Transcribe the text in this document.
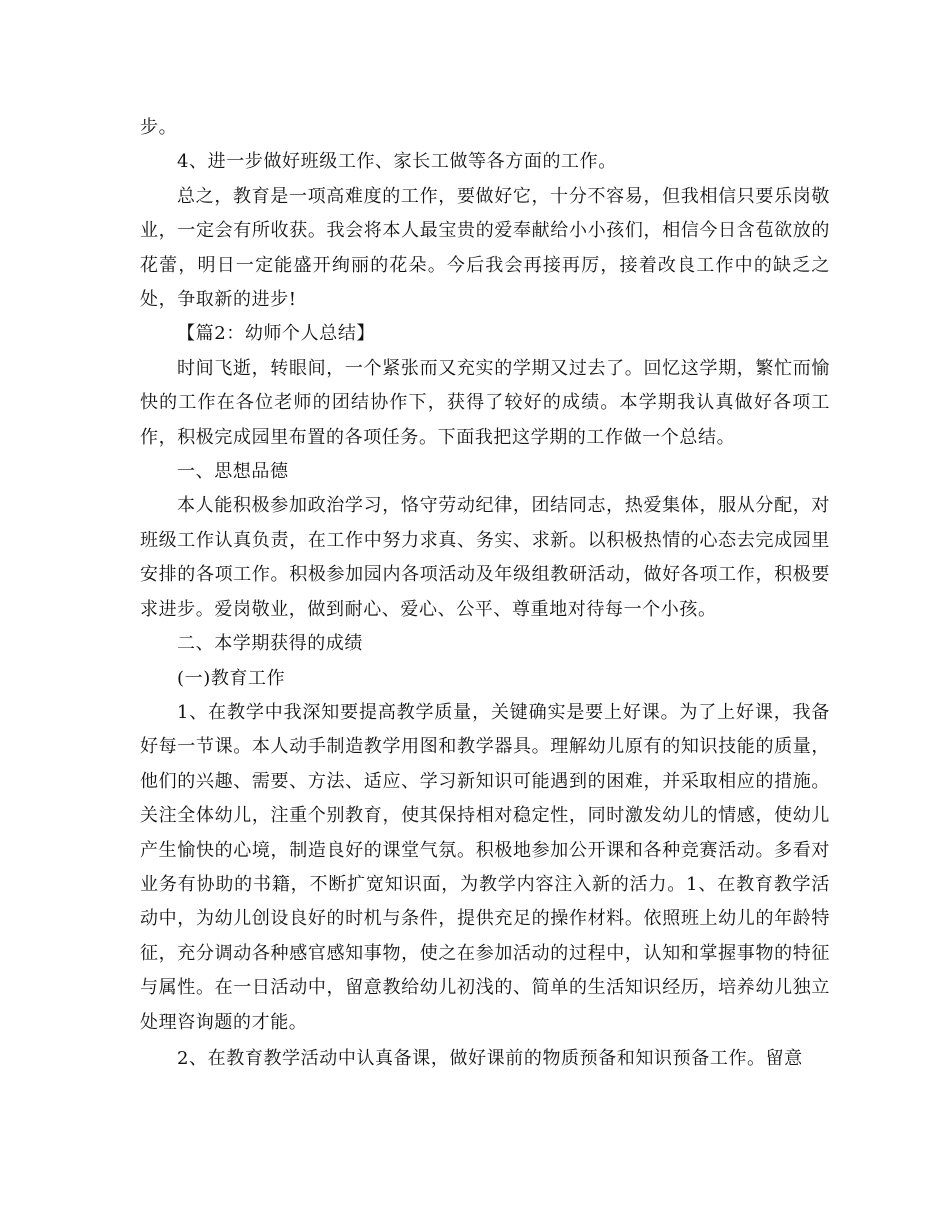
步。

4、进一步做好班级工作、家长工做等各方面的工作。

总之，教育是一项高难度的工作，要做好它，十分不容易，但我相信只要乐岗敬业，一定会有所收获。我会将本人最宝贵的爱奉献给小小孩们，相信今日含苞欲放的花蕾，明日一定能盛开绚丽的花朵。今后我会再接再厉，接着改良工作中的缺乏之处，争取新的进步!

【篇2：幼师个人总结】

时间飞逝，转眼间，一个紧张而又充实的学期又过去了。回忆这学期，繁忙而愉快的工作在各位老师的团结协作下，获得了较好的成绩。本学期我认真做好各项工作，积极完成园里布置的各项任务。下面我把这学期的工作做一个总结。

一、思想品德

本人能积极参加政治学习，恪守劳动纪律，团结同志，热爱集体，服从分配，对班级工作认真负责，在工作中努力求真、务实、求新。以积极热情的心态去完成园里安排的各项工作。积极参加园内各项活动及年级组教研活动，做好各项工作，积极要求进步。爱岗敬业，做到耐心、爱心、公平、尊重地对待每一个小孩。

二、本学期获得的成绩

(一)教育工作

1、在教学中我深知要提高教学质量，关键确实是要上好课。为了上好课，我备好每一节课。本人动手制造教学用图和教学器具。理解幼儿原有的知识技能的质量，他们的兴趣、需要、方法、适应、学习新知识可能遇到的困难，并采取相应的措施。关注全体幼儿，注重个别教育，使其保持相对稳定性，同时激发幼儿的情感，使幼儿产生愉快的心境，制造良好的课堂气氛。积极地参加公开课和各种竞赛活动。多看对业务有协助的书籍，不断扩宽知识面，为教学内容注入新的活力。1、在教育教学活动中，为幼儿创设良好的时机与条件，提供充足的操作材料。依照班上幼儿的年龄特征，充分调动各种感官感知事物，使之在参加活动的过程中，认知和掌握事物的特征与属性。在一日活动中，留意教给幼儿初浅的、简单的生活知识经历，培养幼儿独立处理咨询题的才能。

2、在教育教学活动中认真备课，做好课前的物质预备和知识预备工作。留意
